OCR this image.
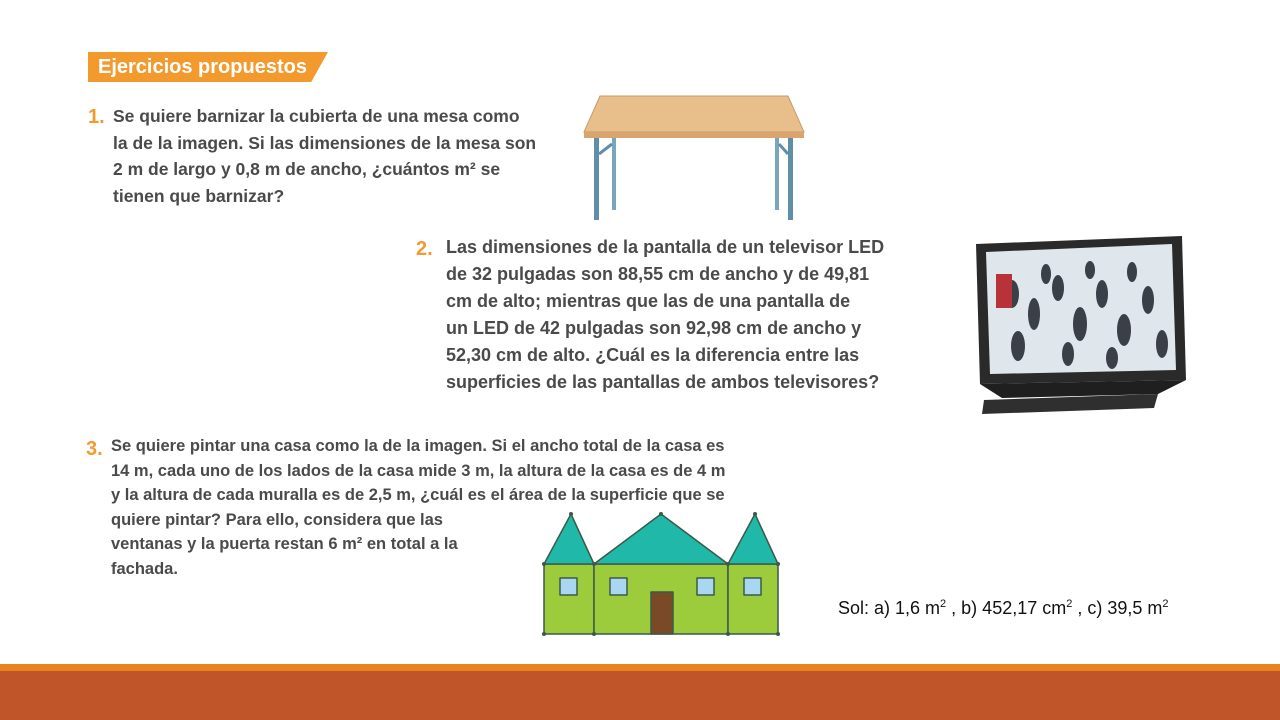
Ejercicios propuestos
1. Se quiere barnizar la cubierta de una mesa como
la de la imagen. Si las dimensiones de la mesa son
2 m de largo y 0,8 m de ancho, ¿cuántos m² se
tienen que barnizar?
2. Las dimensiones de la pantalla de un televisor LED
de 32 pulgadas son 88,55 cm de ancho y de 49,81
cm de alto; mientras que las de una pantalla de
un LED de 42 pulgadas son 92,98 cm de ancho y
52,30 cm de alto. ¿Cuál es la diferencia entre las
superficies de las pantallas de ambos televisores?
3. Se quiere pintar una casa como la de la imagen. Si el ancho total de la casa es
14 m, cada uno de los lados de la casa mide 3 m, la altura de la casa es de 4 m
y la altura de cada muralla es de 2,5 m, ¿cuál es el área de la superficie que se
quiere pintar? Para ello, considera que las
ventanas y la puerta restan 6 m² en total a la
fachada.
Sol: a) 1,6 $m^2$ , b) 452,17 $cm^2$ , c) 39,5 $m^2$
